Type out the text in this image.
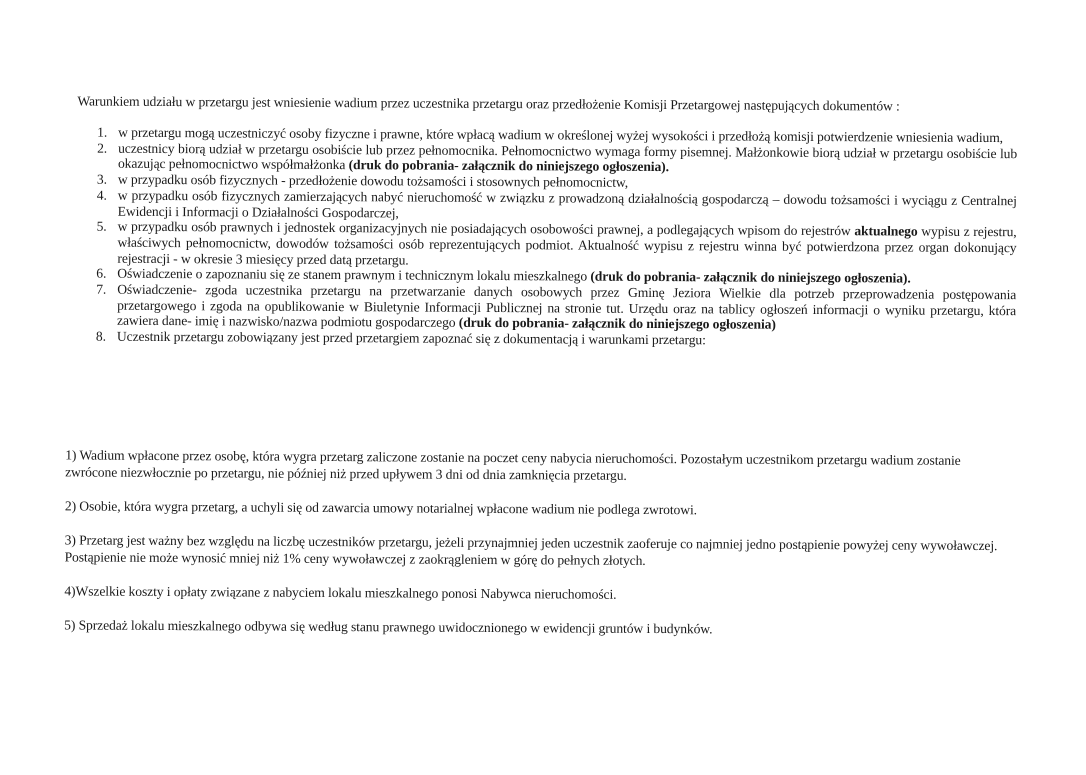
Warunkiem udziału w przetargu jest wniesienie wadium przez uczestnika przetargu oraz przedłożenie Komisji Przetargowej następujących dokumentów :
1. w przetargu mogą uczestniczyć osoby fizyczne i prawne, które wpłacą wadium w określonej wyżej wysokości i przedłożą komisji potwierdzenie wniesienia wadium,
2. uczestnicy biorą udział w przetargu osobiście lub przez pełnomocnika. Pełnomocnictwo wymaga formy pisemnej. Małżonkowie biorą udział w przetargu osobiście lub okazując pełnomocnictwo współmałżonka (druk do pobrania- załącznik do niniejszego ogłoszenia).
3. w przypadku osób fizycznych - przedłożenie dowodu tożsamości i stosownych pełnomocnictw,
4. w przypadku osób fizycznych zamierzających nabyć nieruchomość w związku z prowadzoną działalnością gospodarczą – dowodu tożsamości i wyciągu z Centralnej Ewidencji i Informacji o Działalności Gospodarczej,
5. w przypadku osób prawnych i jednostek organizacyjnych nie posiadających osobowości prawnej, a podlegających wpisom do rejestrów aktualnego wypisu z rejestru, właściwych pełnomocnictw, dowodów tożsamości osób reprezentujących podmiot. Aktualność wypisu z rejestru winna być potwierdzona przez organ dokonujący rejestracji - w okresie 3 miesięcy przed datą przetargu.
6. Oświadczenie o zapoznaniu się ze stanem prawnym i technicznym lokalu mieszkalnego (druk do pobrania- załącznik do niniejszego ogłoszenia).
7. Oświadczenie- zgoda uczestnika przetargu na przetwarzanie danych osobowych przez Gminę Jeziora Wielkie dla potrzeb przeprowadzenia postępowania przetargowego i zgoda na opublikowanie w Biuletynie Informacji Publicznej na stronie tut. Urzędu oraz na tablicy ogłoszeń informacji o wyniku przetargu, która zawiera dane- imię i nazwisko/nazwa podmiotu gospodarczego (druk do pobrania- załącznik do niniejszego ogłoszenia)
8. Uczestnik przetargu zobowiązany jest przed przetargiem zapoznać się z dokumentacją i warunkami przetargu:

1) Wadium wpłacone przez osobę, która wygra przetarg zaliczone zostanie na poczet ceny nabycia nieruchomości. Pozostałym uczestnikom przetargu wadium zostanie zwrócone niezwłocznie po przetargu, nie później niż przed upływem 3 dni od dnia zamknięcia przetargu.

2) Osobie, która wygra przetarg, a uchyli się od zawarcia umowy notarialnej wpłacone wadium nie podlega zwrotowi.

3) Przetarg jest ważny bez względu na liczbę uczestników przetargu, jeżeli przynajmniej jeden uczestnik zaoferuje co najmniej jedno postąpienie powyżej ceny wywoławczej. Postąpienie nie może wynosić mniej niż 1% ceny wywoławczej z zaokrągleniem w górę do pełnych złotych.

4)Wszelkie koszty i opłaty związane z nabyciem lokalu mieszkalnego ponosi Nabywca nieruchomości.

5) Sprzedaż lokalu mieszkalnego odbywa się według stanu prawnego uwidocznionego w ewidencji gruntów i budynków.
